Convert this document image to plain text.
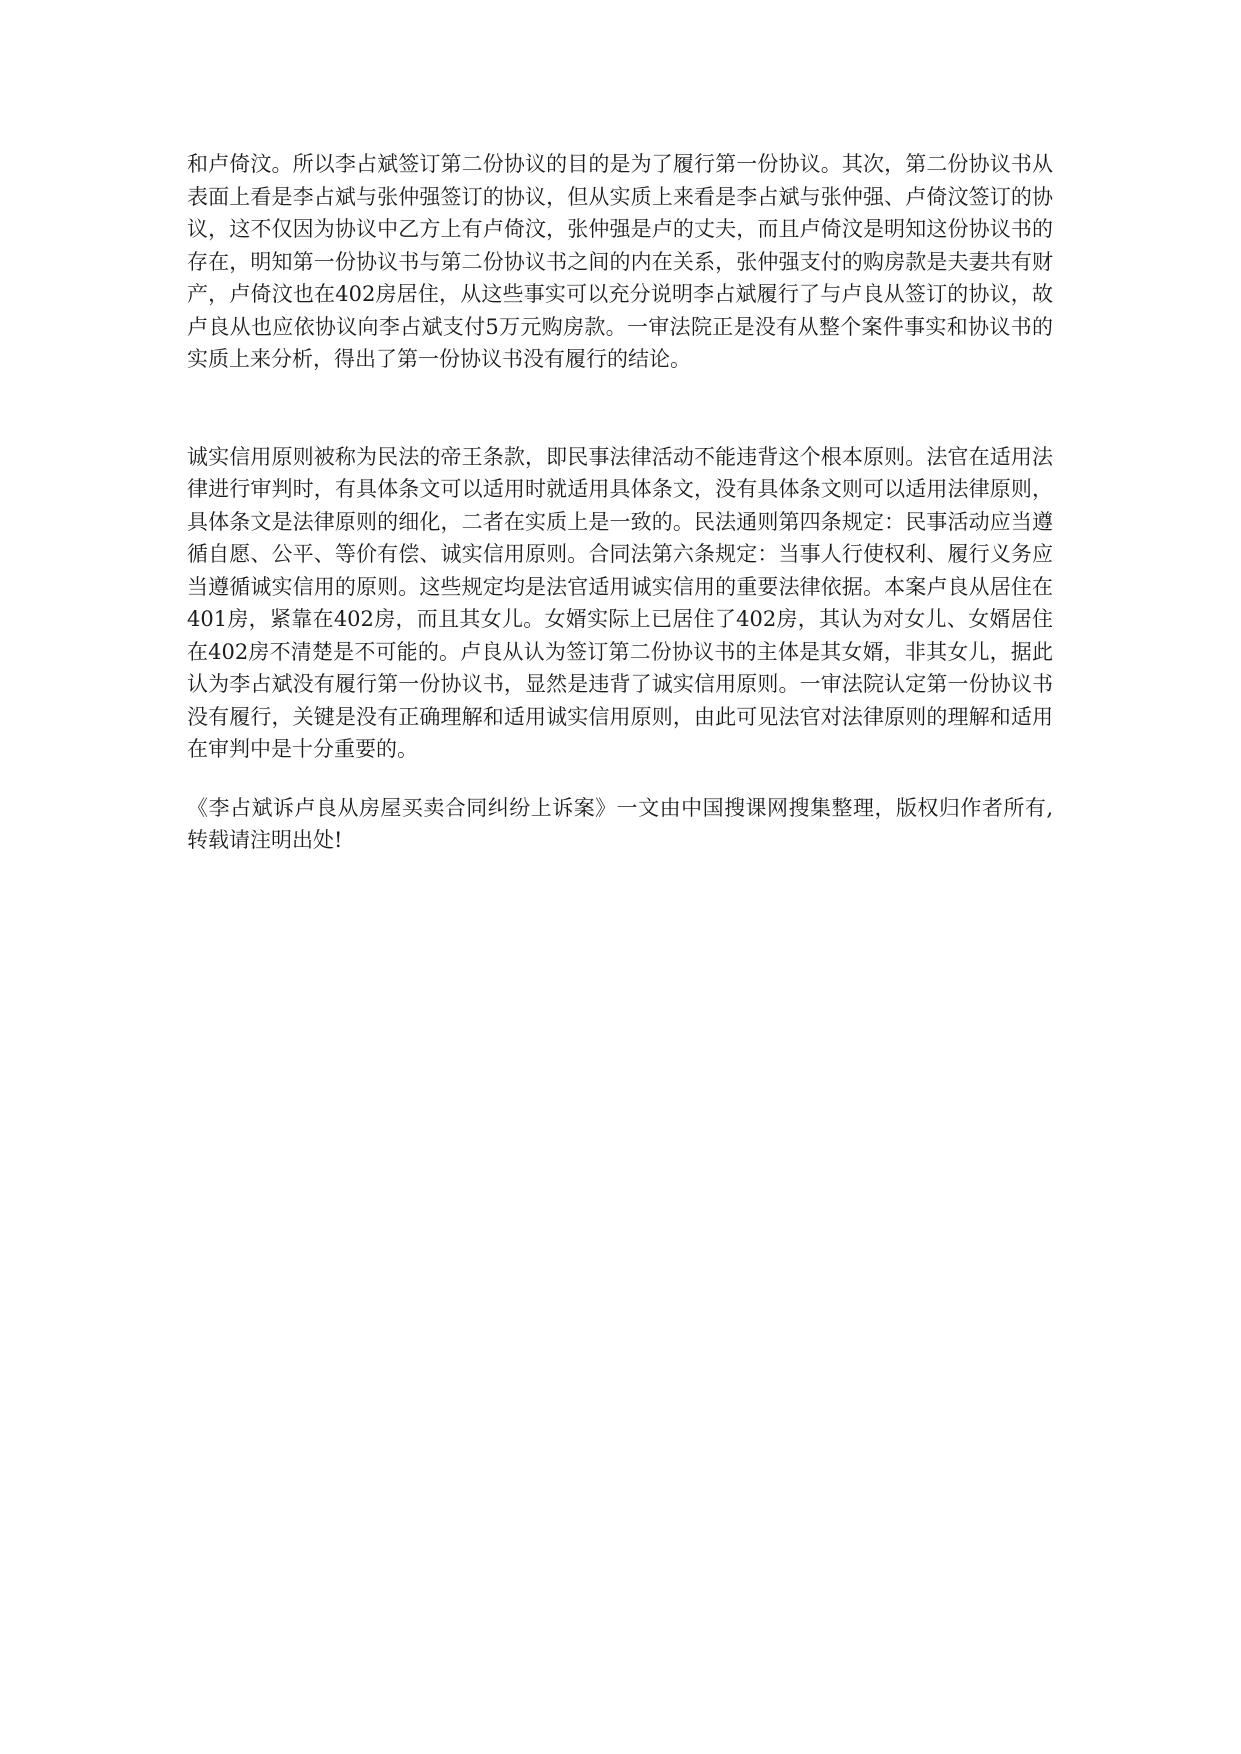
和卢倚汶。所以李占斌签订第二份协议的目的是为了履行第一份协议。其次，第二份协议书从表面上看是李占斌与张仲强签订的协议，但从实质上来看是李占斌与张仲强、卢倚汶签订的协议，这不仅因为协议中乙方上有卢倚汶，张仲强是卢的丈夫，而且卢倚汶是明知这份协议书的存在，明知第一份协议书与第二份协议书之间的内在关系，张仲强支付的购房款是夫妻共有财产，卢倚汶也在402房居住，从这些事实可以充分说明李占斌履行了与卢良从签订的协议，故卢良从也应依协议向李占斌支付5万元购房款。一审法院正是没有从整个案件事实和协议书的实质上来分析，得出了第一份协议书没有履行的结论。

诚实信用原则被称为民法的帝王条款，即民事法律活动不能违背这个根本原则。法官在适用法律进行审判时，有具体条文可以适用时就适用具体条文，没有具体条文则可以适用法律原则，具体条文是法律原则的细化，二者在实质上是一致的。民法通则第四条规定：民事活动应当遵循自愿、公平、等价有偿、诚实信用原则。合同法第六条规定：当事人行使权利、履行义务应当遵循诚实信用的原则。这些规定均是法官适用诚实信用的重要法律依据。本案卢良从居住在401房，紧靠在402房，而且其女儿。女婿实际上已居住了402房，其认为对女儿、女婿居住在402房不清楚是不可能的。卢良从认为签订第二份协议书的主体是其女婿，非其女儿，据此认为李占斌没有履行第一份协议书，显然是违背了诚实信用原则。一审法院认定第一份协议书没有履行，关键是没有正确理解和适用诚实信用原则，由此可见法官对法律原则的理解和适用在审判中是十分重要的。

《李占斌诉卢良从房屋买卖合同纠纷上诉案》一文由中国搜课网搜集整理，版权归作者所有,转载请注明出处!
